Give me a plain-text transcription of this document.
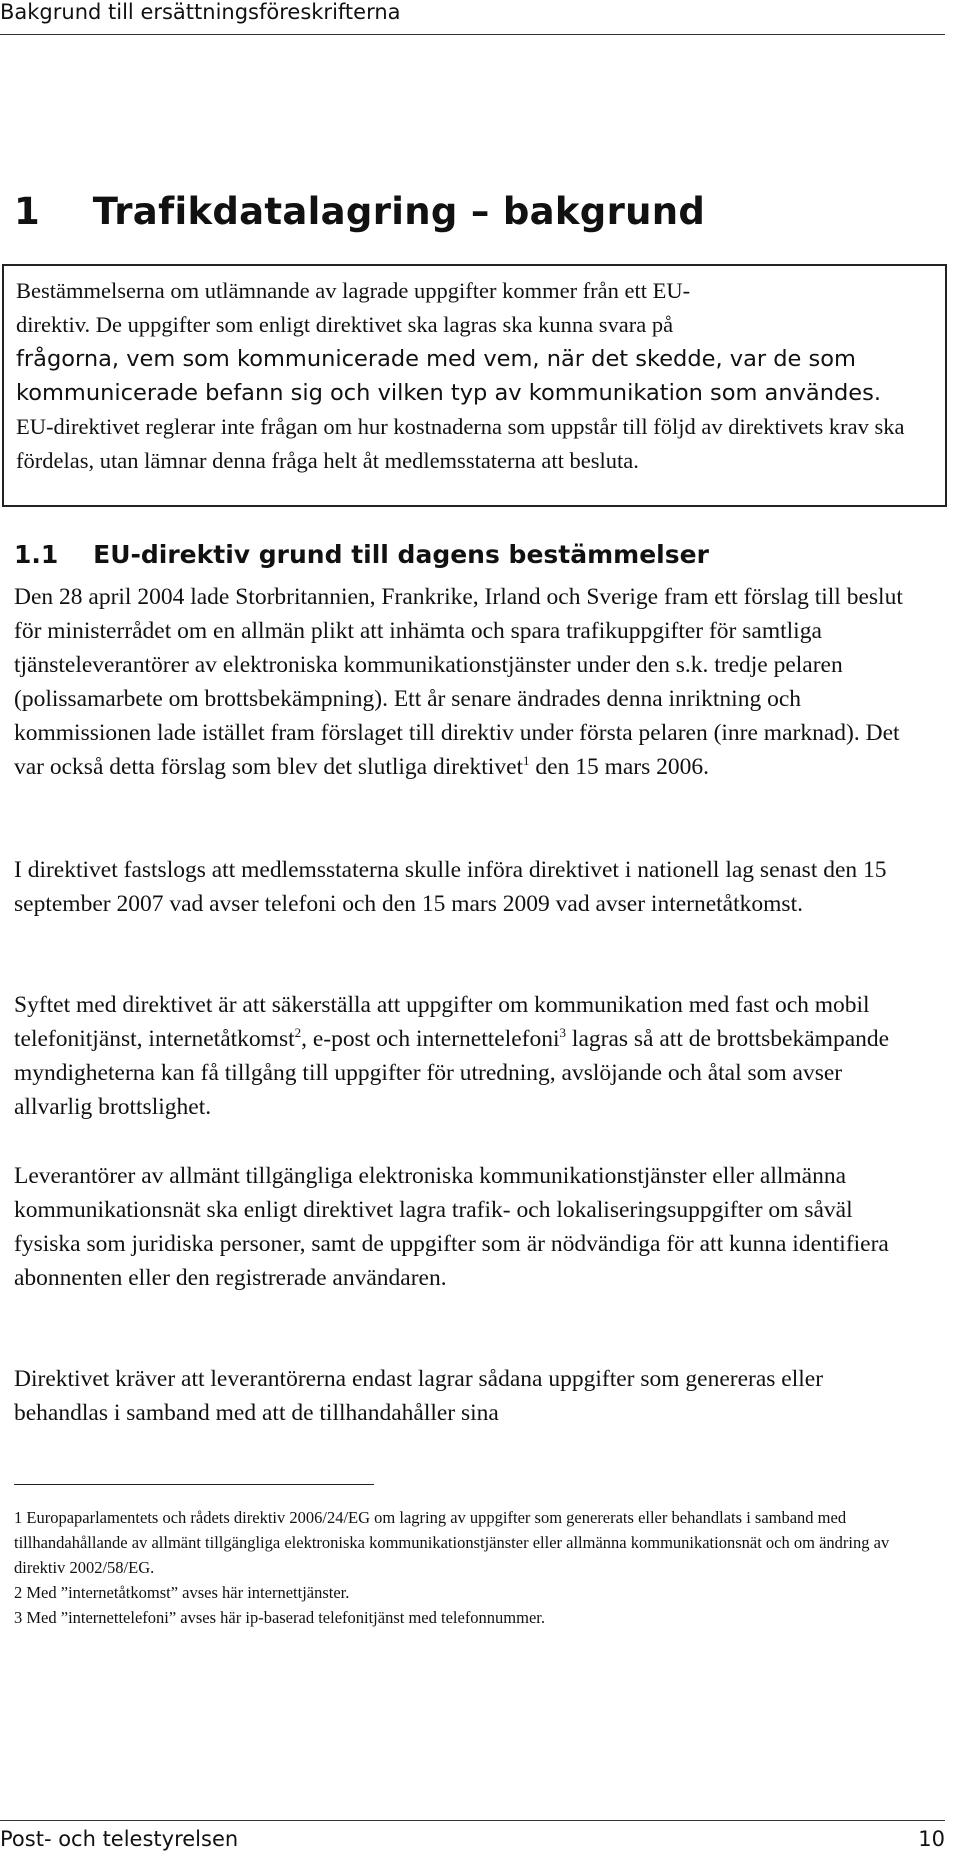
Bakgrund till ersättningsföreskrifterna
1 Trafikdatalagring – bakgrund

Bestämmelserna om utlämnande av lagrade uppgifter kommer från ett EU-

direktiv. De uppgifter som enligt direktivet ska lagras ska kunna svara på

frågorna, vem som kommunicerade med vem, när det skedde, var de som

kommunicerade befann sig och vilken typ av kommunikation som användes.

EU-direktivet reglerar inte frågan om hur kostnaderna som uppstår till följd av direktivets krav ska fördelas, utan lämnar denna fråga helt åt medlemsstaterna att besluta.

1.1 EU-direktiv grund till dagens bestämmelser

Den 28 april 2004 lade Storbritannien, Frankrike, Irland och Sverige fram ett förslag till beslut för ministerrådet om en allmän plikt att inhämta och spara trafikuppgifter för samtliga tjänsteleverantörer av elektroniska kommunikationstjänster under den s.k. tredje pelaren (polissamarbete om brottsbekämpning). Ett år senare ändrades denna inriktning och kommissionen lade istället fram förslaget till direktiv under första pelaren (inre marknad). Det var också detta förslag som blev det slutliga direktivet$^1$ den 15 mars 2006.

I direktivet fastslogs att medlemsstaterna skulle införa direktivet i nationell lag senast den 15 september 2007 vad avser telefoni och den 15 mars 2009 vad avser internetåtkomst.

Syftet med direktivet är att säkerställa att uppgifter om kommunikation med fast och mobil telefonitjänst, internetåtkomst$^2$, e-post och internettelefoni$^3$ lagras så att de brottsbekämpande myndigheterna kan få tillgång till uppgifter för utredning, avslöjande och åtal som avser allvarlig brottslighet.

Leverantörer av allmänt tillgängliga elektroniska kommunikationstjänster eller allmänna kommunikationsnät ska enligt direktivet lagra trafik- och lokaliseringsuppgifter om såväl fysiska som juridiska personer, samt de uppgifter som är nödvändiga för att kunna identifiera abonnenten eller den registrerade användaren.

Direktivet kräver att leverantörerna endast lagrar sådana uppgifter som genereras eller behandlas i samband med att de tillhandahåller sina

1 Europaparlamentets och rådets direktiv 2006/24/EG om lagring av uppgifter som genererats eller behandlats i samband med tillhandahållande av allmänt tillgängliga elektroniska kommunikationstjänster eller allmänna kommunikationsnät och om ändring av direktiv 2002/58/EG.

2 Med ”internetåtkomst” avses här internettjänster.

3 Med ”internettelefoni” avses här ip-baserad telefonitjänst med telefonnummer.

Post- och telestyrelsen	10
